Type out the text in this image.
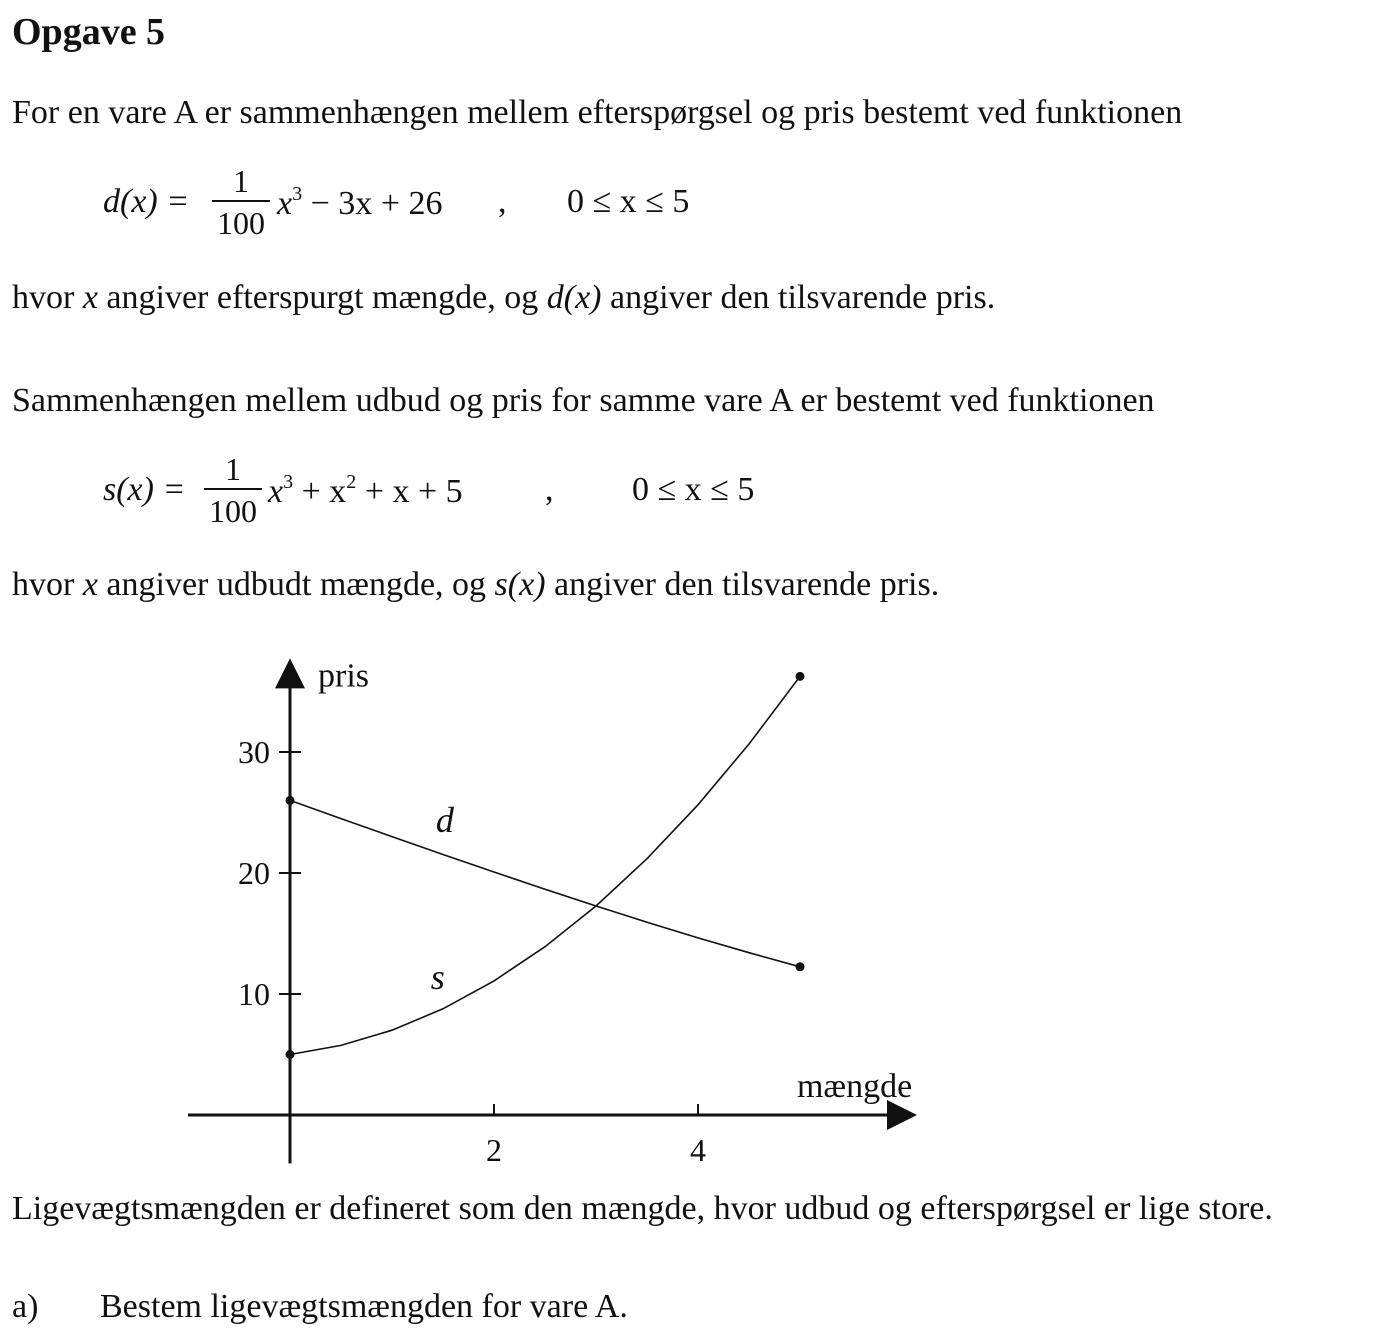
Opgave 5
For en vare A er sammenhængen mellem efterspørgsel og pris bestemt ved funktionen
d(x) =
1
100
$x^3 - 3x + 26$ , 0 ≤ x ≤ 5
hvor x angiver efterspurgt mængde, og d(x) angiver den tilsvarende pris.
Sammenhængen mellem udbud og pris for samme vare A er bestemt ved funktionen
s(x) =
1
100
$x^3 + x^2 + x + 5$ , 0 ≤ x ≤ 5
hvor x angiver udbudt mængde, og s(x) angiver den tilsvarende pris.
2	4
10
20
30
pris
mængde
d
s
Ligevægtsmængden er defineret som den mængde, hvor udbud og efterspørgsel er lige store.
a) Bestem ligevægtsmængden for vare A.
